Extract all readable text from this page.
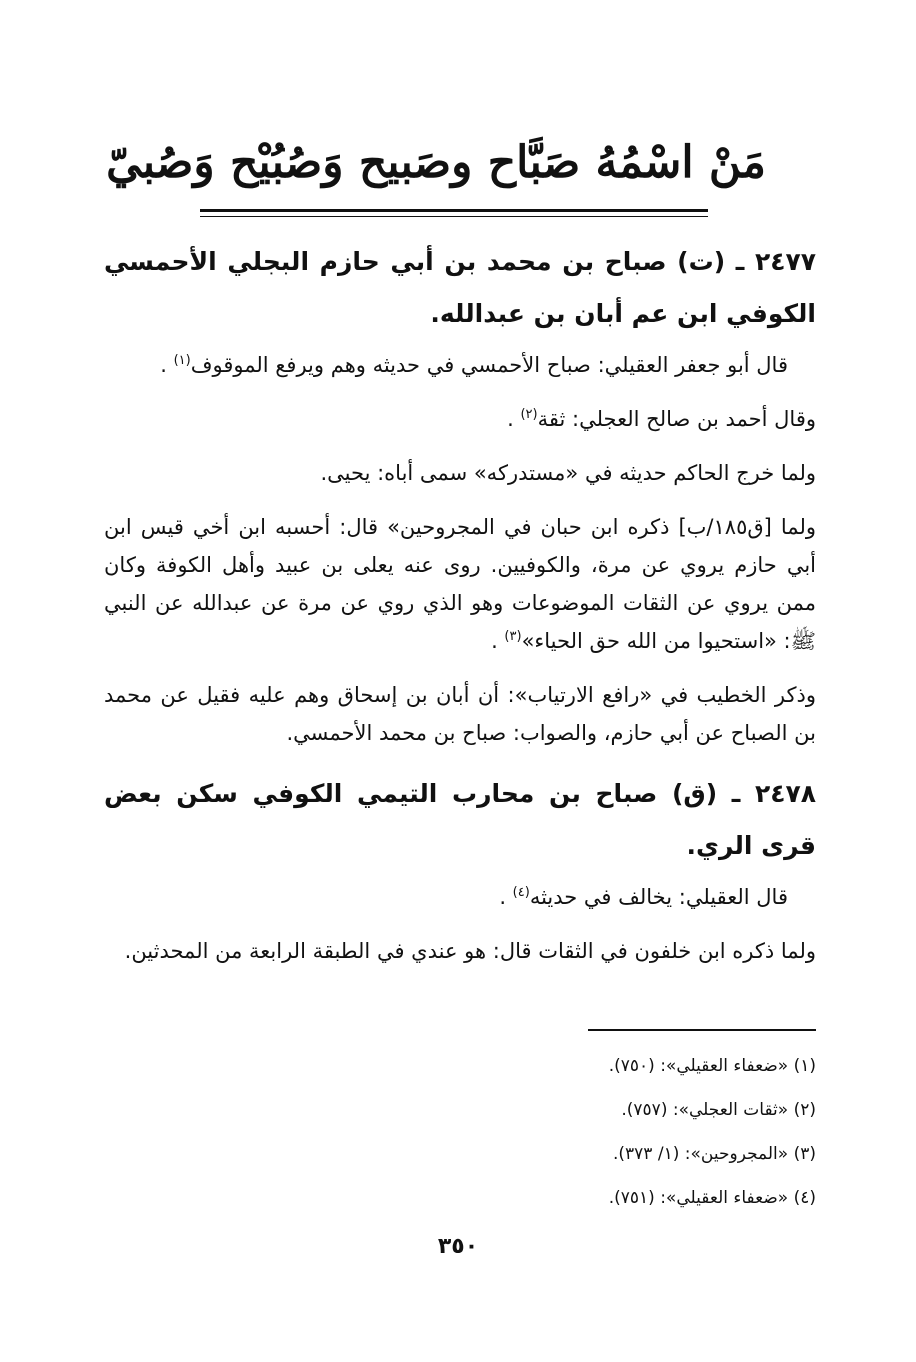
مَنْ اسْمُهُ صَبَّاح وصَبيح وَصُبُيْح وَصُبيّ
٢٤٧٧ ـ (ت) صباح بن محمد بن أبي حازم البجلي الأحمسي الكوفي ابن عم أبان بن عبدالله.

قال أبو جعفر العقيلي: صباح الأحمسي في حديثه وهم ويرفع الموقوف$^{(١)}$ .

وقال أحمد بن صالح العجلي: ثقة$^{(٢)}$ .

ولما خرج الحاكم حديثه في «مستدركه» سمى أباه: يحيى.

ولما [ق١٨٥/ب] ذكره ابن حبان في المجروحين» قال: أحسبه ابن أخي قيس ابن أبي حازم يروي عن مرة، والكوفيين. روى عنه يعلى بن عبيد وأهل الكوفة وكان ممن يروي عن الثقات الموضوعات وهو الذي روي عن مرة عن عبدالله عن النبي ﷺ: «استحيوا من الله حق الحياء»$^{(٣)}$ .

وذكر الخطيب في «رافع الارتياب»: أن أبان بن إسحاق وهم عليه فقيل عن محمد بن الصباح عن أبي حازم، والصواب: صباح بن محمد الأحمسي.

٢٤٧٨ ـ (ق) صباح بن محارب التيمي الكوفي سكن بعض قرى الري.

قال العقيلي: يخالف في حديثه$^{(٤)}$ .

ولما ذكره ابن خلفون في الثقات قال: هو عندي في الطبقة الرابعة من المحدثين.

(١) «ضعفاء العقيلي»: (٧٥٠).

(٢) «ثقات العجلي»: (٧٥٧).

(٣) «المجروحين»: (١/ ٣٧٣).

(٤) «ضعفاء العقيلي»: (٧٥١).

٣٥٠
